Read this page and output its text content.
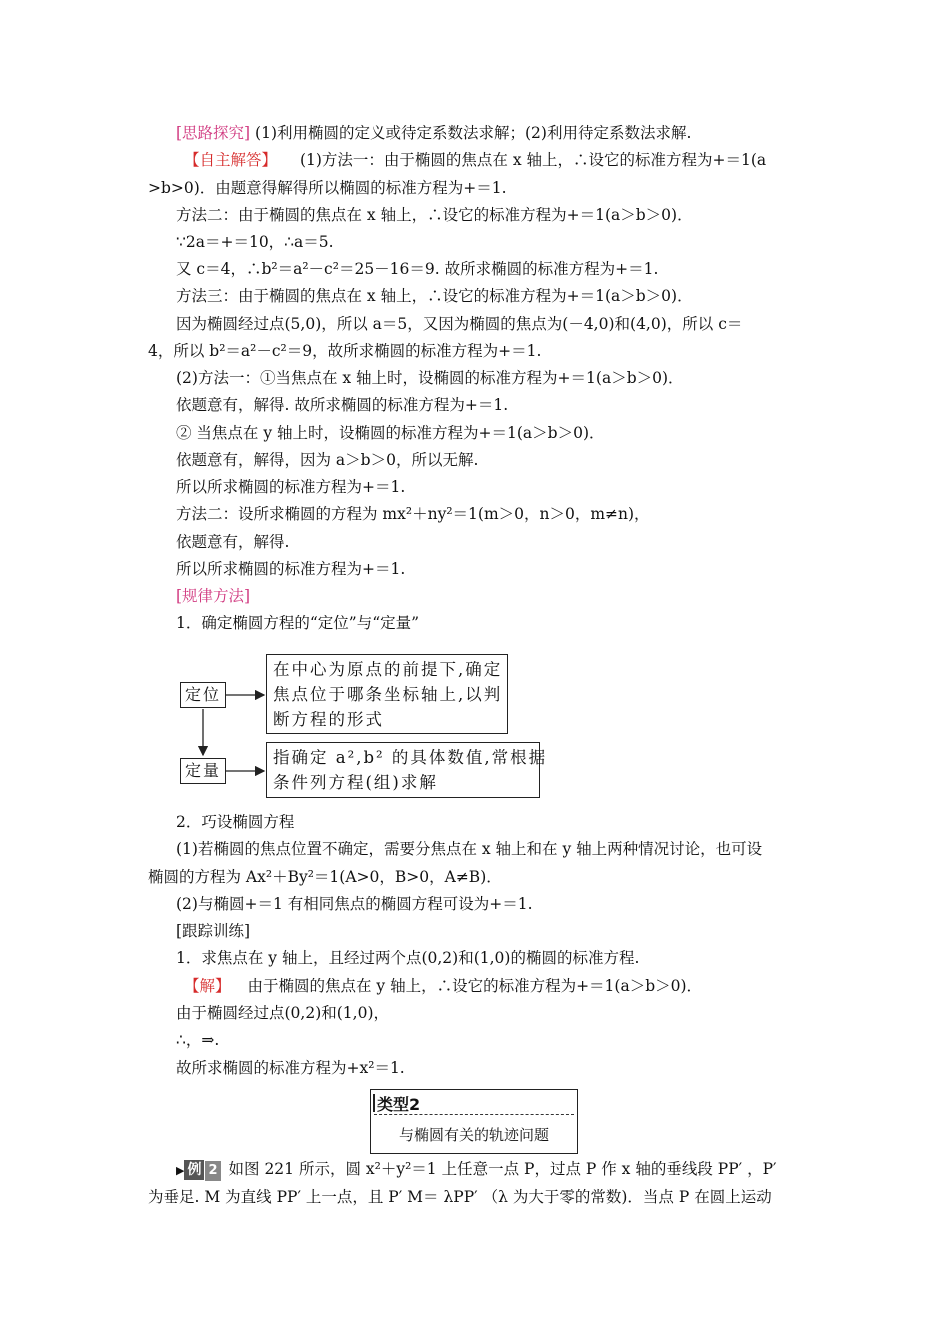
[思路探究] (1)利用椭圆的定义或待定系数法求解；(2)利用待定系数法求解.
【自主解答】 (1)方法一：由于椭圆的焦点在 x 轴上，∴设它的标准方程为+＝1(a
>b>0)．由题意得解得所以椭圆的标准方程为+＝1.
方法二：由于椭圆的焦点在 x 轴上，∴设它的标准方程为+＝1(a＞b＞0)．
∵2a＝+＝10，∴a＝5.
又 c＝4，∴b²＝a²－c²＝25－16＝9. 故所求椭圆的标准方程为+＝1.
方法三：由于椭圆的焦点在 x 轴上，∴设它的标准方程为+＝1(a＞b＞0)．
因为椭圆经过点(5,0)，所以 a＝5，又因为椭圆的焦点为(－4,0)和(4,0)，所以 c＝
4，所以 b²＝a²－c²＝9，故所求椭圆的标准方程为+＝1.
(2)方法一：①当焦点在 x 轴上时，设椭圆的标准方程为+＝1(a＞b＞0)．
依题意有，解得. 故所求椭圆的标准方程为+＝1.
② 当焦点在 y 轴上时，设椭圆的标准方程为+＝1(a＞b＞0)．
依题意有，解得，因为 a＞b＞0，所以无解.
所以所求椭圆的标准方程为+＝1.
方法二：设所求椭圆的方程为 mx²＋ny²＝1(m＞0，n＞0，m≠n)，
依题意有，解得.
所以所求椭圆的标准方程为+＝1.
[规律方法]
1．确定椭圆方程的“定位”与“定量”
定位
在中心为原点的前提下,确定
焦点位于哪条坐标轴上,以判
断方程的形式
定量
指确定 a²,b² 的具体数值,常根据
条件列方程(组)求解
2．巧设椭圆方程
(1)若椭圆的焦点位置不确定，需要分焦点在 x 轴上和在 y 轴上两种情况讨论，也可设
椭圆的方程为 Ax²＋By²＝1(A>0，B>0，A≠B)．
(2)与椭圆+＝1 有相同焦点的椭圆方程可设为+＝1.
[跟踪训练]
1．求焦点在 y 轴上，且经过两个点(0,2)和(1,0)的椭圆的标准方程.
【解】 由于椭圆的焦点在 y 轴上，∴设它的标准方程为+＝1(a＞b＞0)．
由于椭圆经过点(0,2)和(1,0)，
∴，⇒.
故所求椭圆的标准方程为+x²＝1.
类型2
与椭圆有关的轨迹问题
▶ 例 2 如图 221 所示，圆 x²＋y²＝1 上任意一点 P，过点 P 作 x 轴的垂线段 PP′ ，P′
为垂足. M 为直线 PP′ 上一点，且 P′ M＝ λPP′ （λ 为大于零的常数)．当点 P 在圆上运动
